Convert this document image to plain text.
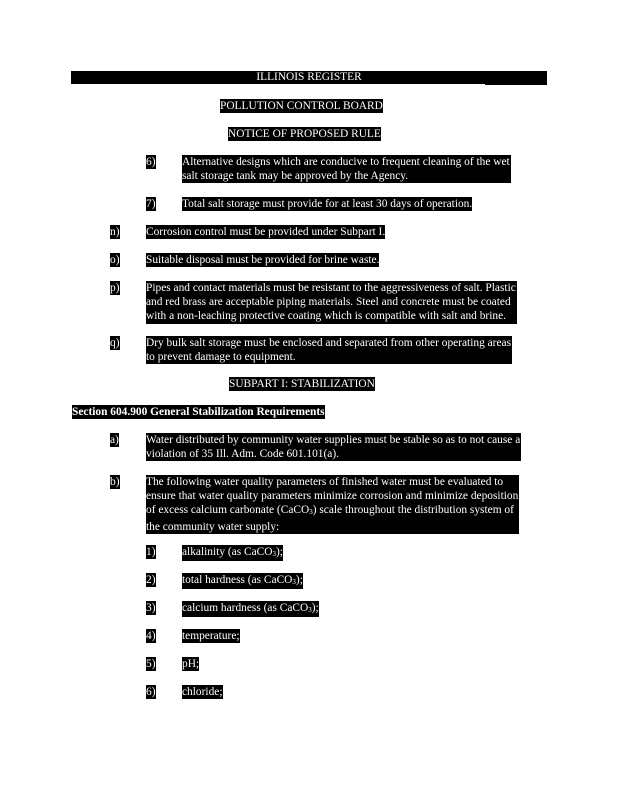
ILLINOIS REGISTER
POLLUTION CONTROL BOARD
NOTICE OF PROPOSED RULE
6) Alternative designs which are conducive to frequent cleaning of the wet
salt storage tank may be approved by the Agency.
7) Total salt storage must provide for at least 30 days of operation.
n) Corrosion control must be provided under Subpart I.
o) Suitable disposal must be provided for brine waste.
p) Pipes and contact materials must be resistant to the aggressiveness of salt. Plastic
and red brass are acceptable piping materials. Steel and concrete must be coated
with a non-leaching protective coating which is compatible with salt and brine.
q) Dry bulk salt storage must be enclosed and separated from other operating areas
to prevent damage to equipment.
SUBPART I: STABILIZATION
Section 604.900 General Stabilization Requirements
a) Water distributed by community water supplies must be stable so as to not cause a
violation of 35 Ill. Adm. Code 601.101(a).
b) The following water quality parameters of finished water must be evaluated to
ensure that water quality parameters minimize corrosion and minimize deposition
of excess calcium carbonate (CaCO$_3$) scale throughout the distribution system of
the community water supply:
1) alkalinity (as CaCO$_3$);
2) total hardness (as CaCO$_3$);
3) calcium hardness (as CaCO$_3$);
4) temperature;
5) pH;
6) chloride;
